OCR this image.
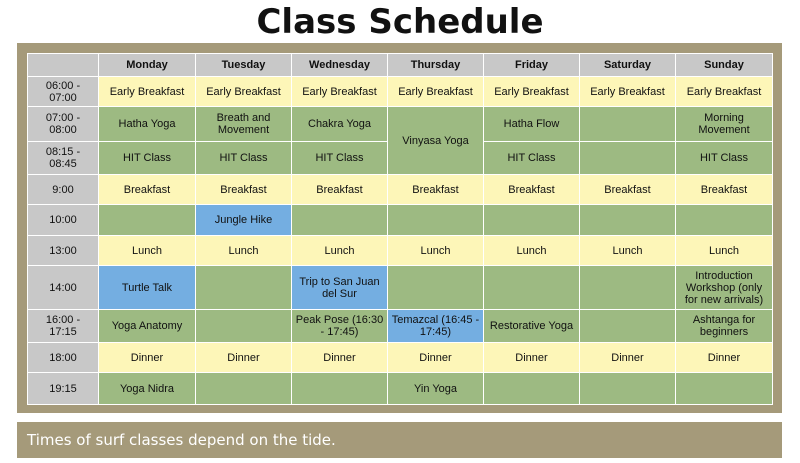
Class Schedule
	Monday	Tuesday	Wednesday	Thursday	Friday	Saturday	Sunday
06:00 - 07:00	Early Breakfast	Early Breakfast	Early Breakfast	Early Breakfast	Early Breakfast	Early Breakfast	Early Breakfast
07:00 - 08:00	Hatha Yoga	Breath and Movement	Chakra Yoga	Vinyasa Yoga	Hatha Flow		Morning Movement
08:15 - 08:45	HIT Class	HIT Class	HIT Class		HIT Class		HIT Class
9:00	Breakfast	Breakfast	Breakfast	Breakfast	Breakfast	Breakfast	Breakfast
10:00		Jungle Hike					
13:00	Lunch	Lunch	Lunch	Lunch	Lunch	Lunch	Lunch
14:00	Turtle Talk		Trip to San Juan del Sur				Introduction Workshop (only for new arrivals)
16:00 - 17:15	Yoga Anatomy		Peak Pose (16:30 - 17:45)	Temazcal (16:45 - 17:45)	Restorative Yoga		Ashtanga for beginners
18:00	Dinner	Dinner	Dinner	Dinner	Dinner	Dinner	Dinner
19:15	Yoga Nidra			Yin Yoga			
Times of surf classes depend on the tide.
